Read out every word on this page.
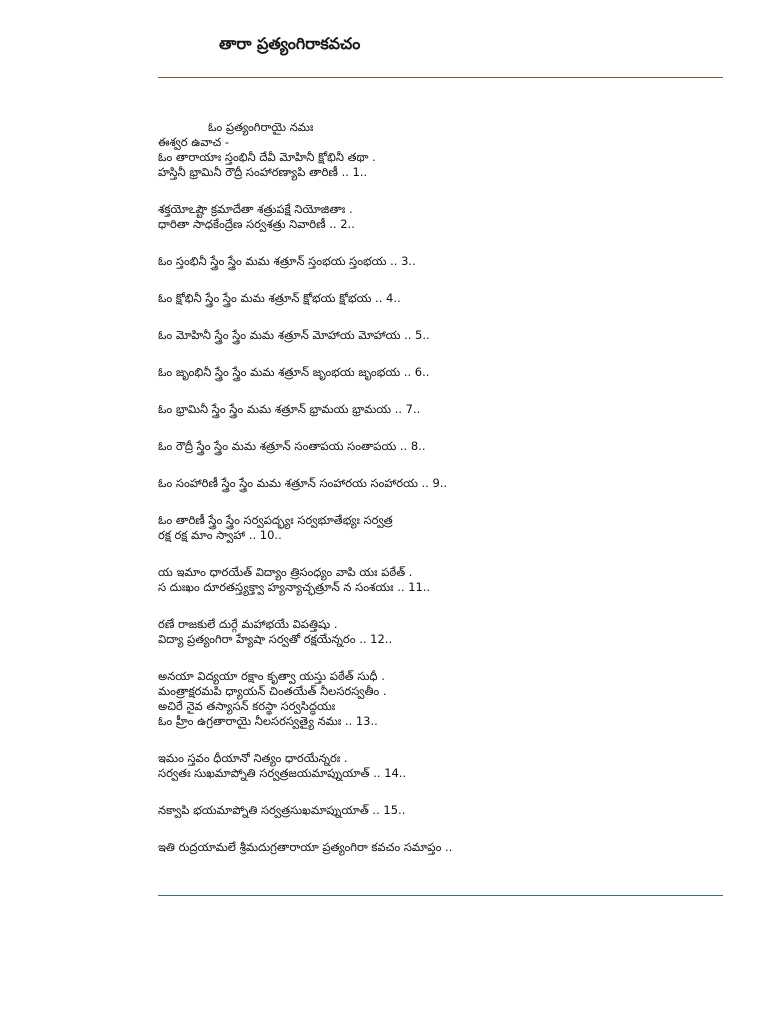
తారా ప్రత్యంగిరాకవచం
ఓం ప్రత్యంగిరాయై నమః
ఈశ్వర ఉవాచ -
ఓం తారాయాః స్తంభినీ దేవీ మోహినీ క్షోభినీ తథా .
హస్తినీ భ్రామినీ రౌద్రీ సంహారణ్యాపి తారిణీ .. 1..
శక్తయోఽష్టౌ క్రమాదేతా శత్రుపక్షే నియోజితాః .
ధారితా సాధకేంద్రేణ సర్వశత్రు నివారిణీ .. 2..
ఓం స్తంభినీ స్త్రేం స్త్రేం మమ శత్రూన్ స్తంభయ స్తంభయ .. 3..
ఓం క్షోభినీ స్త్రేం స్త్రేం మమ శత్రూన్ క్షోభయ క్షోభయ .. 4..
ఓం మోహినీ స్త్రేం స్త్రేం మమ శత్రూన్ మోహాయ మోహాయ .. 5..
ఓం జృంభినీ స్త్రేం స్త్రేం మమ శత్రూన్ జృంభయ జృంభయ .. 6..
ఓం భ్రామినీ స్త్రేం స్త్రేం మమ శత్రూన్ భ్రామయ భ్రామయ .. 7..
ఓం రౌద్రీ స్త్రేం స్త్రేం మమ శత్రూన్ సంతాపయ సంతాపయ .. 8..
ఓం సంహారిణీ స్త్రేం స్త్రేం మమ శత్రూన్ సంహారయ సంహారయ .. 9..
ఓం తారిణీ స్త్రేం స్త్రేం సర్వపద్భ్యః సర్వభూతేభ్యః సర్వత్ర
రక్ష రక్ష మాం స్వాహా .. 10..
య ఇమాం ధారయేత్ విద్యాం త్రిసంధ్యం వాపి యః పఠేత్ .
స దుఃఖం దూరతస్త్యక్త్వా హ్యన్యాచ్ఛత్రూన్ న సంశయః .. 11..
రణే రాజకులే దుర్గే మహాభయే విపత్తిషు .
విద్యా ప్రత్యంగిరా హ్యేషా సర్వతో రక్షయేన్నరం .. 12..
అనయా విద్యయా రక్షాం కృత్వా యస్తు పఠేత్ సుధీ .
మంత్రాక్షరమపి ధ్యాయన్ చింతయేత్ నీలసరస్వతీం .
అచిరే నైవ తస్యాసన్ కరస్థా సర్వసిద్ధయః
ఓం హ్రీం ఉగ్రతారాయై నీలసరస్వత్యై నమః .. 13..
ఇమం స్తవం ధీయానో నిత్యం ధారయేన్నరః .
సర్వతః సుఖమాప్నోతి సర్వత్రజయమాప్నుయాత్ .. 14..
నక్వాపి భయమాప్నోతి సర్వత్రసుఖమాప్నుయాత్ .. 15..
ఇతి రుద్రయామలే శ్రీమదుగ్రతారాయా ప్రత్యంగిరా కవచం సమాప్తం ..
